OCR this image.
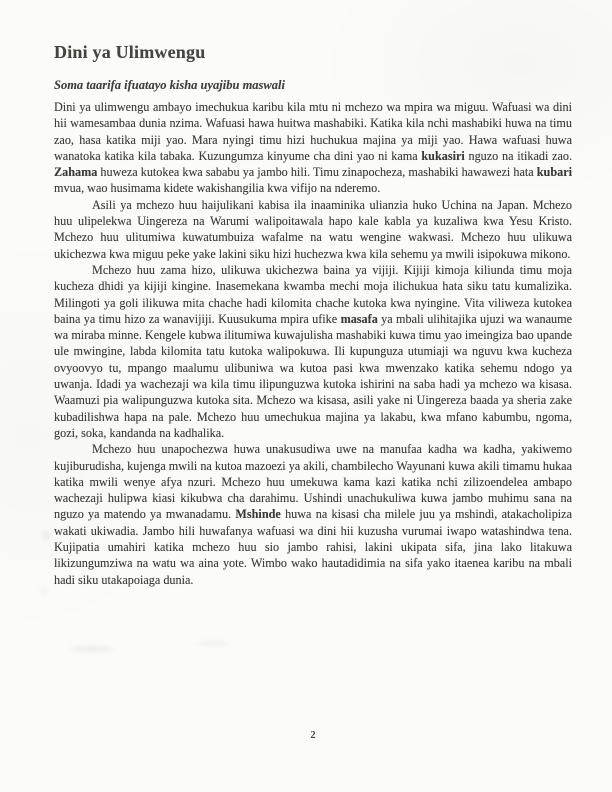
Dini ya Ulimwengu
Soma taarifa ifuatayo kisha uyajibu maswali

Dini ya ulimwengu ambayo imechukua karibu kila mtu ni mchezo wa mpira wa miguu. Wafuasi wa dini hii wamesambaa dunia nzima. Wafuasi hawa huitwa mashabiki. Katika kila nchi mashabiki huwa na timu zao, hasa katika miji yao. Mara nyingi timu hizi huchukua majina ya miji yao. Hawa wafuasi huwa wanatoka katika kila tabaka. Kuzungumza kinyume cha dini yao ni kama kukasiri nguzo na itikadi zao. Zahama huweza kutokea kwa sababu ya jambo hili. Timu zinapocheza, mashabiki hawawezi hata kubari mvua, wao husimama kidete wakishangilia kwa vifijo na nderemo.

Asili ya mchezo huu haijulikani kabisa ila inaaminika ulianzia huko Uchina na Japan. Mchezo huu ulipelekwa Uingereza na Warumi walipoitawala hapo kale kabla ya kuzaliwa kwa Yesu Kristo. Mchezo huu ulitumiwa kuwatumbuiza wafalme na watu wengine wakwasi. Mchezo huu ulikuwa ukichezwa kwa miguu peke yake lakini siku hizi huchezwa kwa kila sehemu ya mwili isipokuwa mikono.

Mchezo huu zama hizo, ulikuwa ukichezwa baina ya vijiji. Kijiji kimoja kiliunda timu moja kucheza dhidi ya kijiji kingine. Inasemekana kwamba mechi moja ilichukua hata siku tatu kumalizika. Milingoti ya goli ilikuwa mita chache hadi kilomita chache kutoka kwa nyingine. Vita viliweza kutokea baina ya timu hizo za wanavijiji. Kuusukuma mpira ufike masafa ya mbali ulihitajika ujuzi wa wanaume wa miraba minne. Kengele kubwa ilitumiwa kuwajulisha mashabiki kuwa timu yao imeingiza bao upande ule mwingine, labda kilomita tatu kutoka walipokuwa. Ili kupunguza utumiaji wa nguvu kwa kucheza ovyoovyo tu, mpango maalumu ulibuniwa wa kutoa pasi kwa mwenzako katika sehemu ndogo ya uwanja. Idadi ya wachezaji wa kila timu ilipunguzwa kutoka ishirini na saba hadi ya mchezo wa kisasa. Waamuzi pia walipunguzwa kutoka sita. Mchezo wa kisasa, asili yake ni Uingereza baada ya sheria zake kubadilishwa hapa na pale. Mchezo huu umechukua majina ya lakabu, kwa mfano kabumbu, ngoma, gozi, soka, kandanda na kadhalika.

Mchezo huu unapochezwa huwa unakusudiwa uwe na manufaa kadha wa kadha, yakiwemo kujiburudisha, kujenga mwili na kutoa mazoezi ya akili, chambilecho Wayunani kuwa akili timamu hukaa katika mwili wenye afya nzuri. Mchezo huu umekuwa kama kazi katika nchi zilizoendelea ambapo wachezaji hulipwa kiasi kikubwa cha darahimu. Ushindi unachukuliwa kuwa jambo muhimu sana na nguzo ya matendo ya mwanadamu. Mshinde huwa na kisasi cha milele juu ya mshindi, atakacholipiza wakati ukiwadia. Jambo hili huwafanya wafuasi wa dini hii kuzusha vurumai iwapo watashindwa tena. Kujipatia umahiri katika mchezo huu sio jambo rahisi, lakini ukipata sifa, jina lako litakuwa likizungumziwa na watu wa aina yote. Wimbo wako hautadidimia na sifa yako itaenea karibu na mbali hadi siku utakapoiaga dunia.

2
